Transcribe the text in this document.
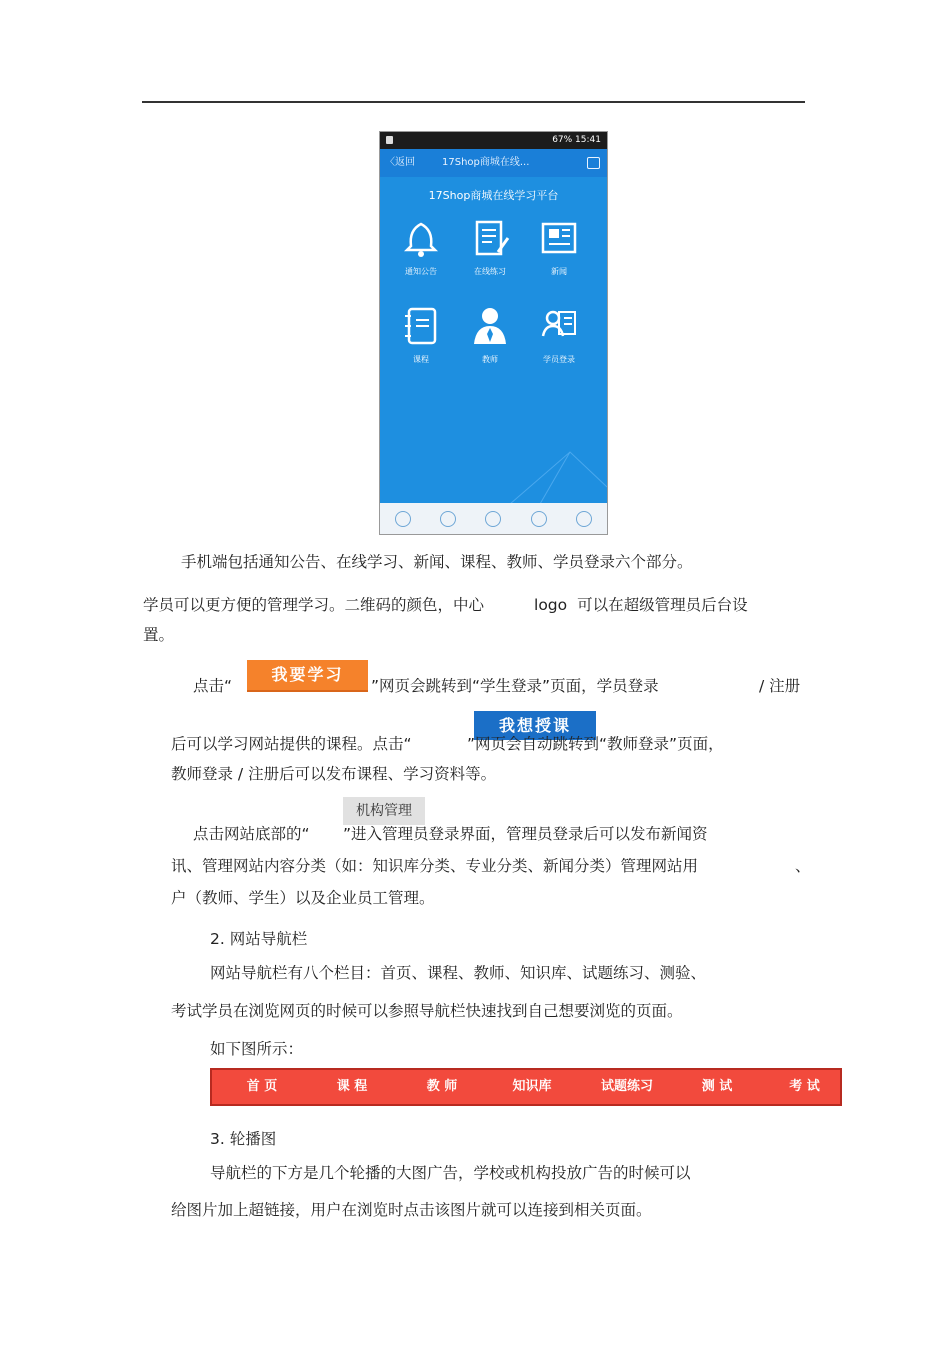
67% 15:41
〈返回	17Shop商城在线...
17Shop商城在线学习平台
通知公告	在线练习	新闻
课程	教师	学员登录
手机端包括通知公告、在线学习、新闻、课程、教师、学员登录六个部分。
学员可以更方便的管理学习。二维码的颜色，中心	logo 可以在超级管理员后台设
置。
点击“
我要学习
”网页会跳转到“学生登录”页面，学员登录	/ 注册
后可以学习网站提供的课程。点击“
我想授课
”网页会自动跳转到“教师登录”页面，
教师登录 / 注册后可以发布课程、学习资料等。
机构管理
点击网站底部的“ ”进入管理员登录界面，管理员登录后可以发布新闻资
讯、管理网站内容分类（如：知识库分类、专业分类、新闻分类）管理网站用	、
户（教师、学生）以及企业员工管理。
2. 网站导航栏
网站导航栏有八个栏目：首页、课程、教师、知识库、试题练习、测验、
考试学员在浏览网页的时候可以参照导航栏快速找到自己想要浏览的页面。
如下图所示：
首 页	课 程	教 师	知识库	试题练习	测 试	考 试
3. 轮播图
导航栏的下方是几个轮播的大图广告，学校或机构投放广告的时候可以
给图片加上超链接，用户在浏览时点击该图片就可以连接到相关页面。
